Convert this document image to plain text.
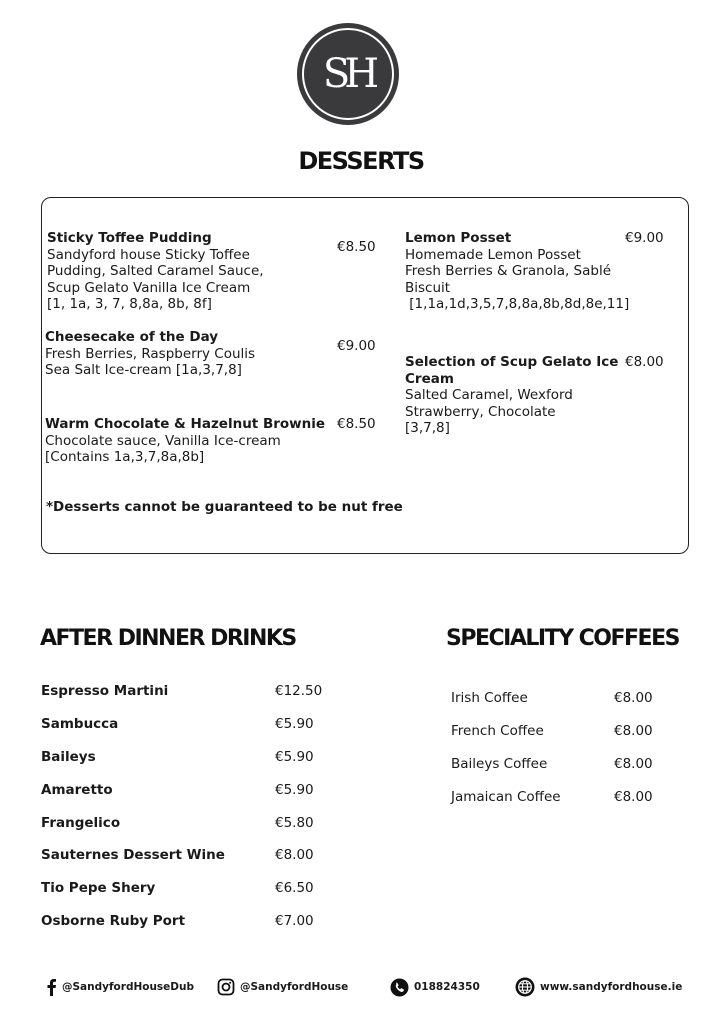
SH
DESSERTS
Sticky Toffee Pudding
Sandyford house Sticky Toffee
Pudding, Salted Caramel Sauce,
Scup Gelato Vanilla Ice Cream
[1, 1a, 3, 7, 8,8a, 8b, 8f]
€8.50
Cheesecake of the Day
Fresh Berries, Raspberry Coulis
Sea Salt Ice-cream [1a,3,7,8]
€9.00
Warm Chocolate & Hazelnut Brownie
Chocolate sauce, Vanilla Ice-cream
[Contains 1a,3,7,8a,8b]
€8.50
Lemon Posset
Homemade Lemon Posset
Fresh Berries & Granola, Sablé
Biscuit
[1,1a,1d,3,5,7,8,8a,8b,8d,8e,11]
€9.00
Selection of Scup Gelato Ice
Cream
Salted Caramel, Wexford
Strawberry, Chocolate
[3,7,8]
€8.00
*Desserts cannot be guaranteed to be nut free
AFTER DINNER DRINKS
Espresso Martini	€12.50
Sambucca	€5.90
Baileys	€5.90
Amaretto	€5.90
Frangelico	€5.80
Sauternes Dessert Wine	€8.00
Tio Pepe Shery	€6.50
Osborne Ruby Port	€7.00
SPECIALITY COFFEES
Irish Coffee	€8.00
French Coffee	€8.00
Baileys Coffee	€8.00
Jamaican Coffee	€8.00
@SandyfordHouseDub	@SandyfordHouse	018824350	www.sandyfordhouse.ie
